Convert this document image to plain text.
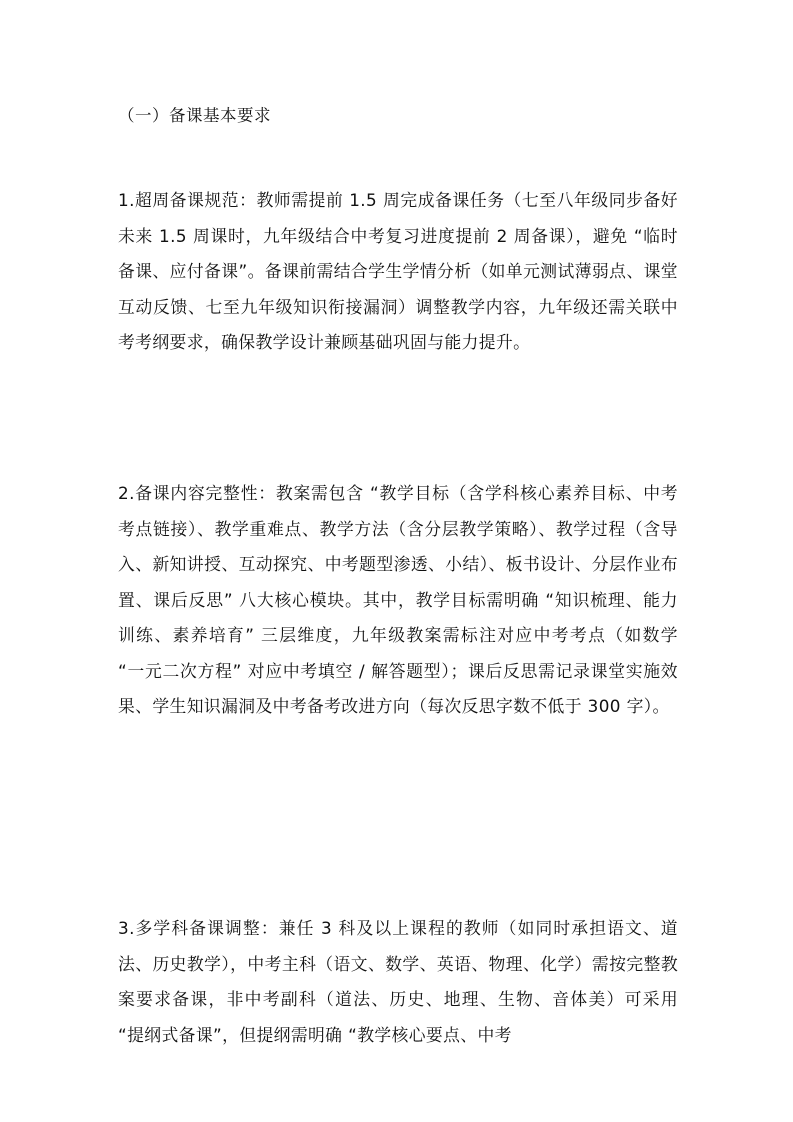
（一）备课基本要求

1.超周备课规范：教师需提前 1.5 周完成备课任务（七至八年级同步备好未来 1.5 周课时，九年级结合中考复习进度提前 2 周备课），避免 “临时备课、应付备课”。备课前需结合学生学情分析（如单元测试薄弱点、课堂互动反馈、七至九年级知识衔接漏洞）调整教学内容，九年级还需关联中考考纲要求，确保教学设计兼顾基础巩固与能力提升。

2.备课内容完整性：教案需包含 “教学目标（含学科核心素养目标、中考考点链接）、教学重难点、教学方法（含分层教学策略）、教学过程（含导入、新知讲授、互动探究、中考题型渗透、小结）、板书设计、分层作业布置、课后反思” 八大核心模块。其中，教学目标需明确 “知识梳理、能力训练、素养培育” 三层维度，九年级教案需标注对应中考考点（如数学 “一元二次方程” 对应中考填空 / 解答题型）；课后反思需记录课堂实施效果、学生知识漏洞及中考备考改进方向（每次反思字数不低于 300 字）。

3.多学科备课调整：兼任 3 科及以上课程的教师（如同时承担语文、道法、历史教学），中考主科（语文、数学、英语、物理、化学）需按完整教案要求备课，非中考副科（道法、历史、地理、生物、音体美）可采用 “提纲式备课”，但提纲需明确 “教学核心要点、中考
